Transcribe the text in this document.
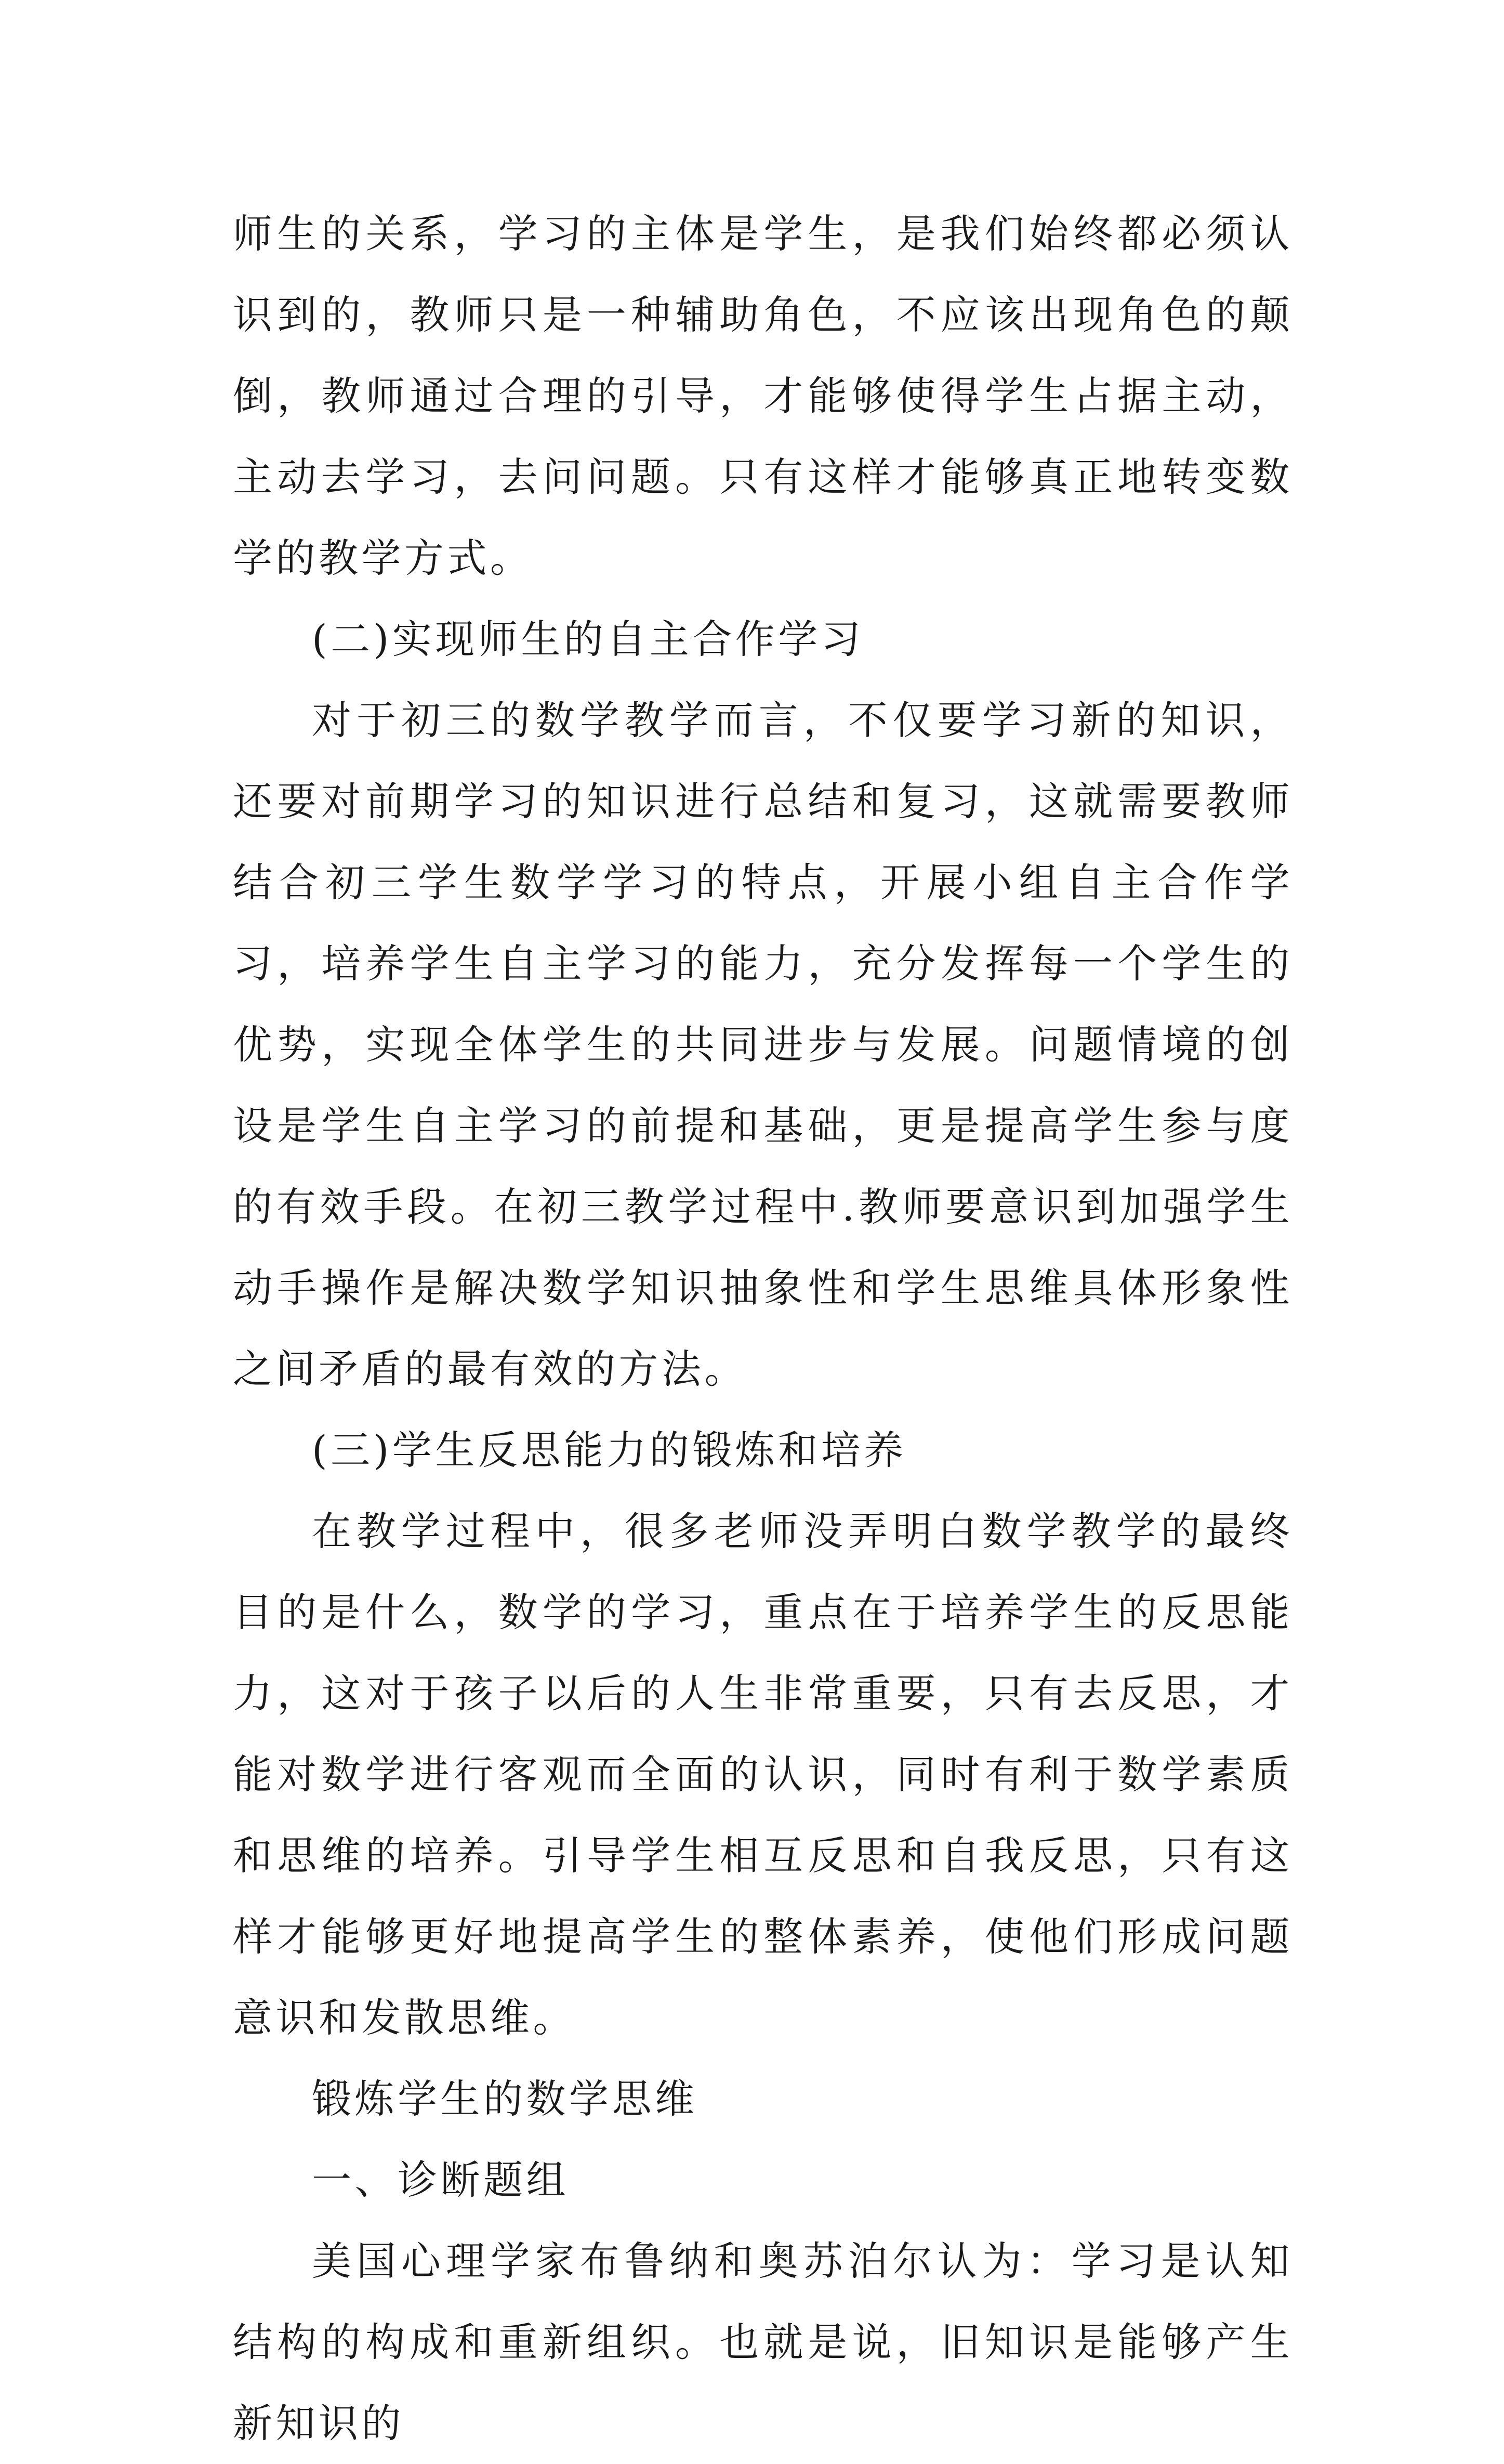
师生的关系，学习的主体是学生，是我们始终都必须认识到的，教师只是一种辅助角色，不应该出现角色的颠倒，教师通过合理的引导，才能够使得学生占据主动，主动去学习，去问问题。只有这样才能够真正地转变数学的教学方式。

(二)实现师生的自主合作学习

对于初三的数学教学而言，不仅要学习新的知识，还要对前期学习的知识进行总结和复习，这就需要教师结合初三学生数学学习的特点，开展小组自主合作学习，培养学生自主学习的能力，充分发挥每一个学生的优势，实现全体学生的共同进步与发展。问题情境的创设是学生自主学习的前提和基础，更是提高学生参与度的有效手段。在初三教学过程中.教师要意识到加强学生动手操作是解决数学知识抽象性和学生思维具体形象性之间矛盾的最有效的方法。

(三)学生反思能力的锻炼和培养

在教学过程中，很多老师没弄明白数学教学的最终目的是什么，数学的学习，重点在于培养学生的反思能力，这对于孩子以后的人生非常重要，只有去反思，才能对数学进行客观而全面的认识，同时有利于数学素质和思维的培养。引导学生相互反思和自我反思，只有这样才能够更好地提高学生的整体素养，使他们形成问题意识和发散思维。

锻炼学生的数学思维

一、诊断题组

美国心理学家布鲁纳和奥苏泊尔认为：学习是认知结构的构成和重新组织。也就是说，旧知识是能够产生新知识的
